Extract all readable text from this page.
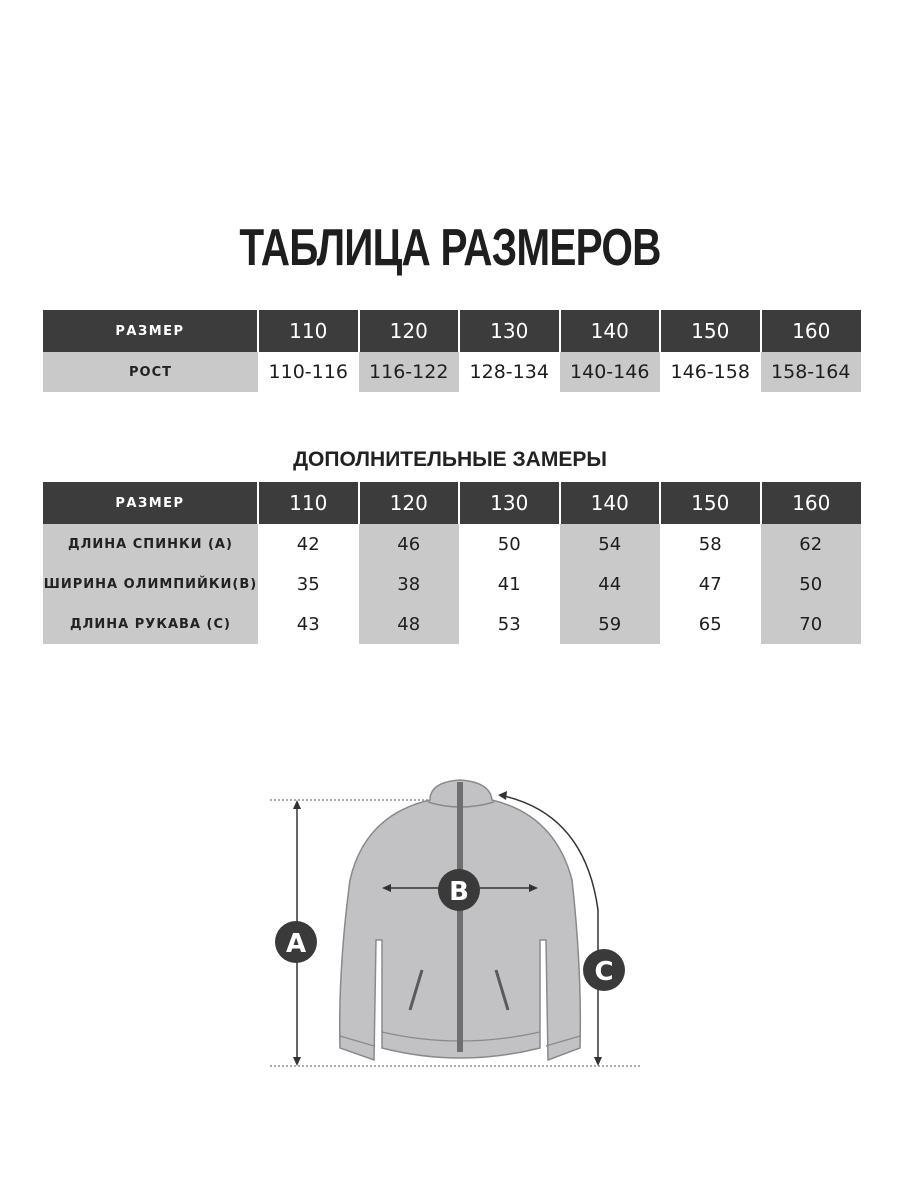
ТАБЛИЦА РАЗМЕРОВ
РАЗМЕР	110	120	130	140	150	160
РОСТ	110-116	116-122	128-134	140-146	146-158	158-164
ДОПОЛНИТЕЛЬНЫЕ ЗАМЕРЫ
РАЗМЕР	110	120	130	140	150	160
ДЛИНА СПИНКИ (А)	42	46	50	54	58	62
ШИРИНА ОЛИМПИЙКИ(В)	35	38	41	44	47	50
ДЛИНА РУКАВА (С)	43	48	53	59	65	70
A
B
C
